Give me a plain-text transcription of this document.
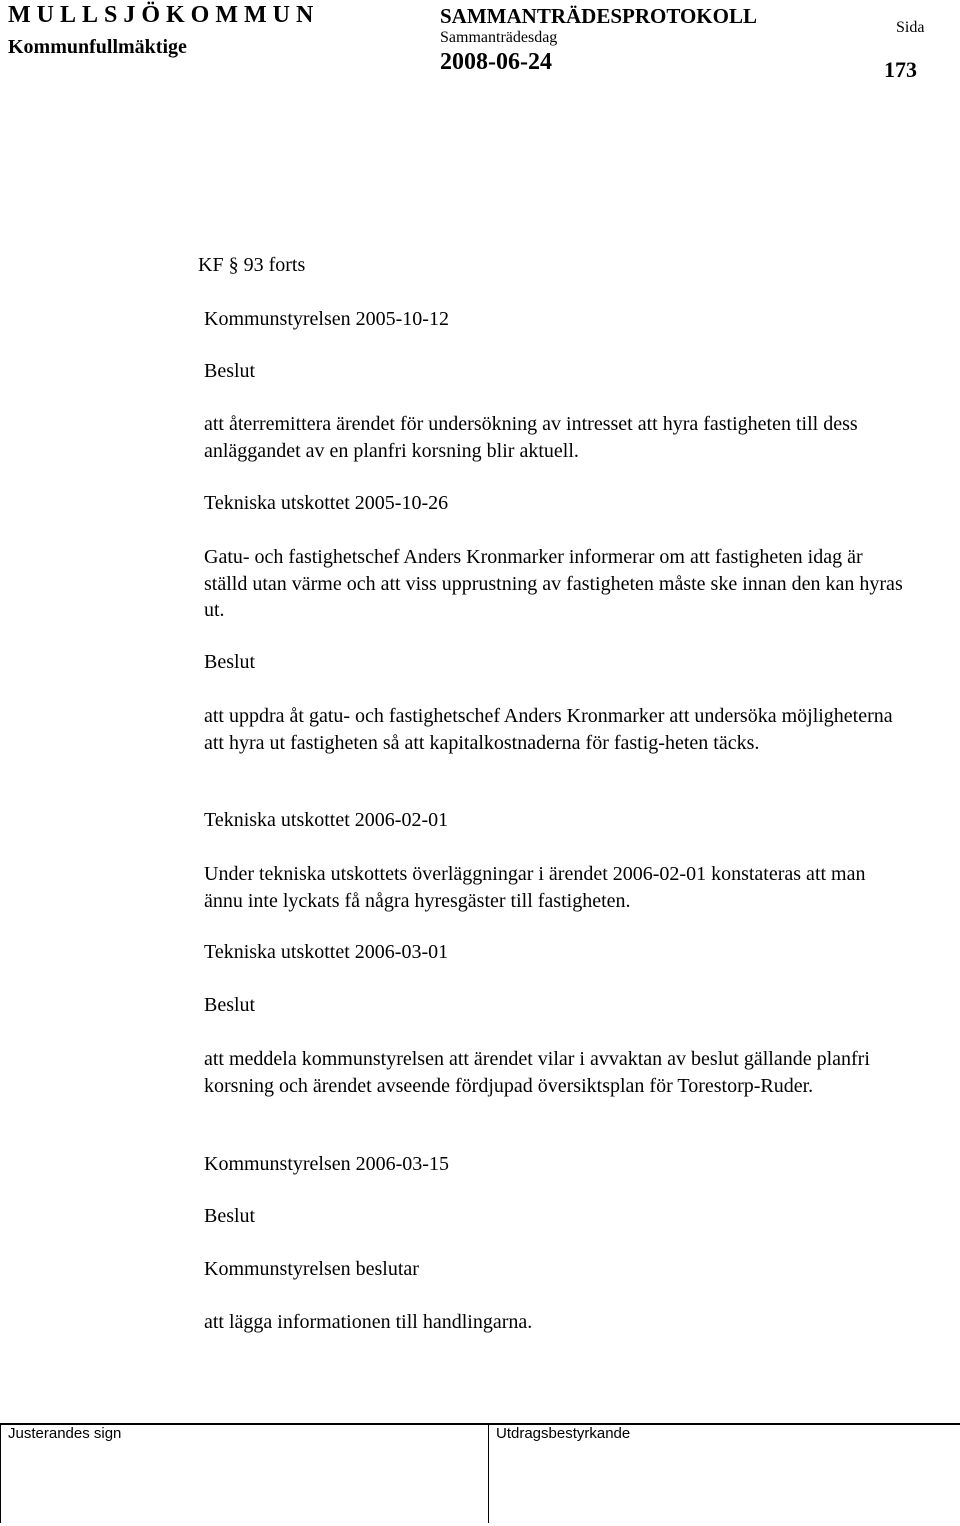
MULLSJÖKOMMUN
Kommunfullmäktige
SAMMANTRÄDESPROTOKOLL
Sammanträdesdag
2008-06-24
Sida
173
KF § 93 forts
Kommunstyrelsen 2005-10-12
Beslut
att återremittera ärendet för undersökning av intresset att hyra fastigheten till dess anläggandet av en planfri korsning blir aktuell.
Tekniska utskottet 2005-10-26
Gatu- och fastighetschef Anders Kronmarker informerar om att fastigheten idag är ställd utan värme och att viss upprustning av fastigheten måste ske innan den kan hyras ut.
Beslut
att uppdra åt gatu- och fastighetschef Anders Kronmarker att undersöka möjligheterna att hyra ut fastigheten så att kapitalkostnaderna för fastig-heten täcks.
Tekniska utskottet 2006-02-01
Under tekniska utskottets överläggningar i ärendet 2006-02-01 konstateras att man ännu inte lyckats få några hyresgäster till fastigheten.
Tekniska utskottet 2006-03-01
Beslut
att meddela kommunstyrelsen att ärendet vilar i avvaktan av beslut gällande planfri korsning och ärendet avseende fördjupad översiktsplan för Torestorp-Ruder.
Kommunstyrelsen 2006-03-15
Beslut
Kommunstyrelsen beslutar
att lägga informationen till handlingarna.
Justerandes sign	Utdragsbestyrkande
